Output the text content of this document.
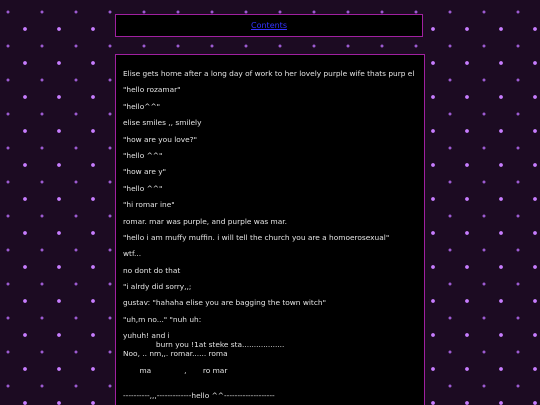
Contents

Elise gets home after a long day of work to her lovely purple wife thats purp el

"hello rozamar"

"hello^^"

elise smiles ,, smilely

"how are you love?"

"hello ^^"

"how are y"

"hello ^^"

"hi romar ine"

romar. mar was purple, and purple was mar.

"hello i am muffy muffin. i will tell the church you are a homoerosexual"

wtf...

no dont do that

"i alrdy did sorry,,;

gustav: "hahaha elise you are bagging the town witch"

"uh,m no..." "nuh uh:

yuhuh! and i
burn you !1at steke sta..................
Noo, .. nm,,. romar...... roma
ma              ,       ro mar
----------,,,-------------hello ^^-------------------
